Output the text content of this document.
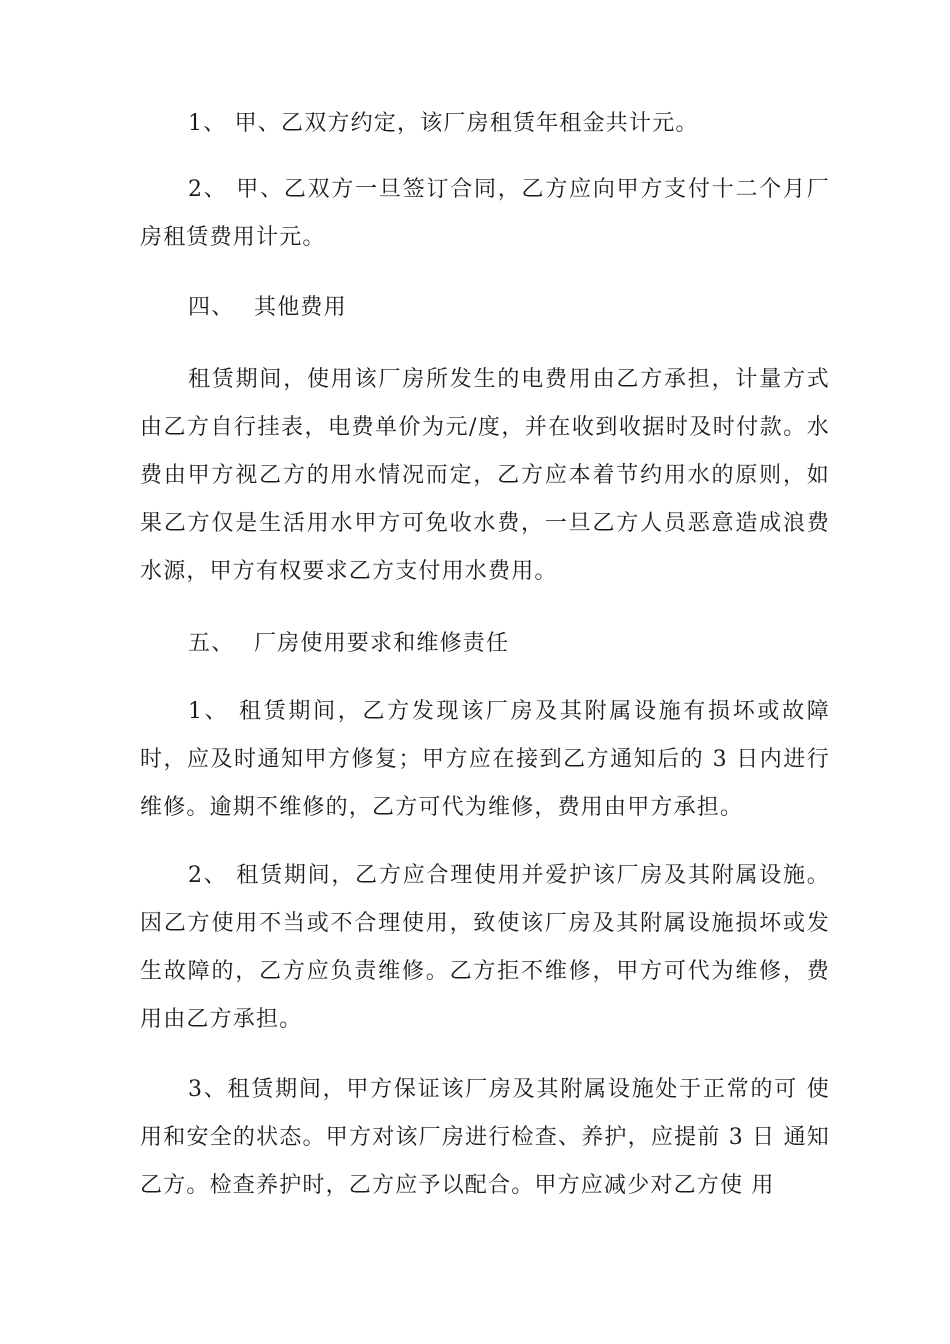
1、 甲、乙双方约定，该厂房租赁年租金共计元。

2、 甲、乙双方一旦签订合同，乙方应向甲方支付十二个月厂房租赁费用计元。

四、 其他费用

租赁期间，使用该厂房所发生的电费用由乙方承担，计量方式由乙方自行挂表，电费单价为元/度，并在收到收据时及时付款。水费由甲方视乙方的用水情况而定，乙方应本着节约用水的原则，如果乙方仅是生活用水甲方可免收水费，一旦乙方人员恶意造成浪费水源，甲方有权要求乙方支付用水费用。

五、 厂房使用要求和维修责任

1、 租赁期间，乙方发现该厂房及其附属设施有损坏或故障时，应及时通知甲方修复；甲方应在接到乙方通知后的 3 日内进行维修。逾期不维修的，乙方可代为维修，费用由甲方承担。

2、 租赁期间，乙方应合理使用并爱护该厂房及其附属设施。因乙方使用不当或不合理使用，致使该厂房及其附属设施损坏或发生故障的，乙方应负责维修。乙方拒不维修，甲方可代为维修，费用由乙方承担。

3、租赁期间，甲方保证该厂房及其附属设施处于正常的可 使用和安全的状态。甲方对该厂房进行检查、养护，应提前 3 日 通知乙方。检查养护时，乙方应予以配合。甲方应减少对乙方使 用
